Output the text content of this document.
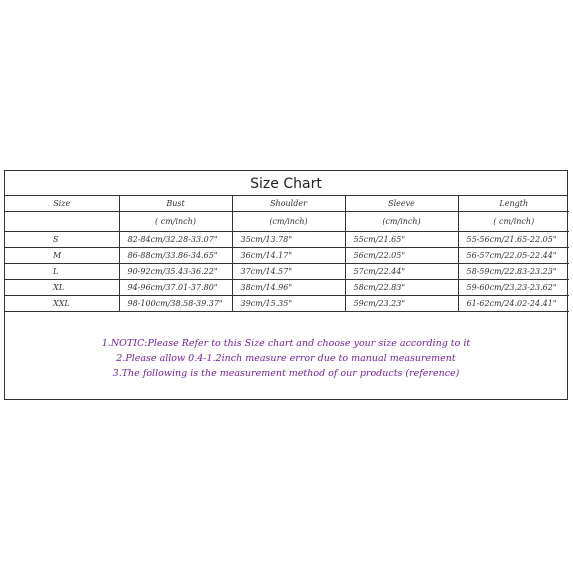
Size Chart
Size	Bust	Shoulder	Sleeve	Length
	( cm/inch)	(cm/inch)	(cm/inch)	( cm/inch)
S	82-84cm/32.28-33.07"	35cm/13.78"	55cm/21.65"	55-56cm/21.65-22.05"
M	86-88cm/33.86-34.65"	36cm/14.17"	56cm/22.05"	56-57cm/22.05-22.44"
L	90-92cm/35.43-36.22"	37cm/14.57"	57cm/22.44"	58-59cm/22.83-23.23"
XL	94-96cm/37.01-37.80"	38cm/14.96"	58cm/22.83"	59-60cm/23.23-23.62"
XXL	98-100cm/38.58-39.37"	39cm/15.35"	59cm/23.23"	61-62cm/24.02-24.41"
1.NOTIC:Please Refer to this Size chart and choose your size according to it
2.Please allow 0.4-1.2inch measure error due to manual measurement
3.The following is the measurement method of our products (reference)
